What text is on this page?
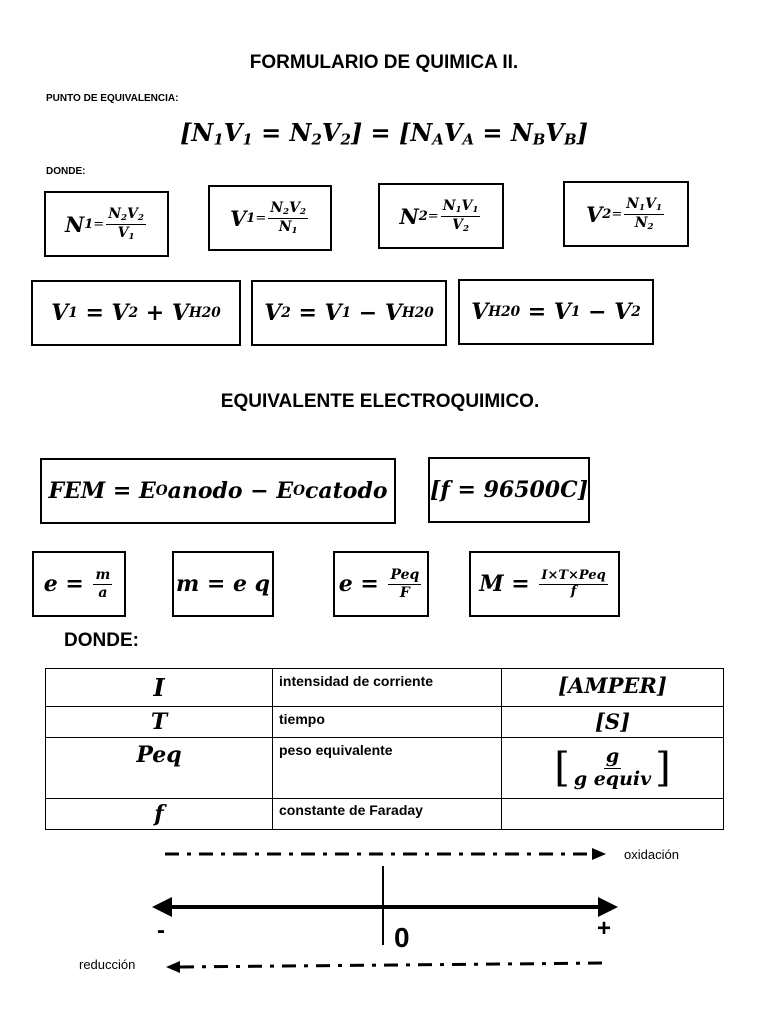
FORMULARIO DE QUIMICA II.
PUNTO DE EQUIVALENCIA:
$[N_1V_1 = N_2V_2] = [N_AV_A = N_BV_B]$
DONDE:
N $1 = \frac{N_2V_2}{V_1}$	V $1 = \frac{N_2V_2}{N_1}$	N $2 = \frac{N_1V_1}{V_2}$	V $2 = \frac{N_1V_1}{N_2}$
V 1 = V 2 + V H20	V 2 = V 1 − V H20	V H20 = V 1 − V 2
EQUIVALENTE ELECTROQUIMICO.
FEM = E O anodo − E O catodo [f = 96500C]
$e = \frac{m}{a}$	m = e q	$e = \frac{\text{Peq}}{F}$	$M = \frac{\text{I×T×Peq}}{f}$
DONDE:
I	intensidad de corriente	[AMPER]
T	tiempo	[S]
Peq	peso equivalente	[ $\frac{g}{\text{g equiv}}$ ]

f	constante de Faraday	

oxidación
reducción
-	+
0
